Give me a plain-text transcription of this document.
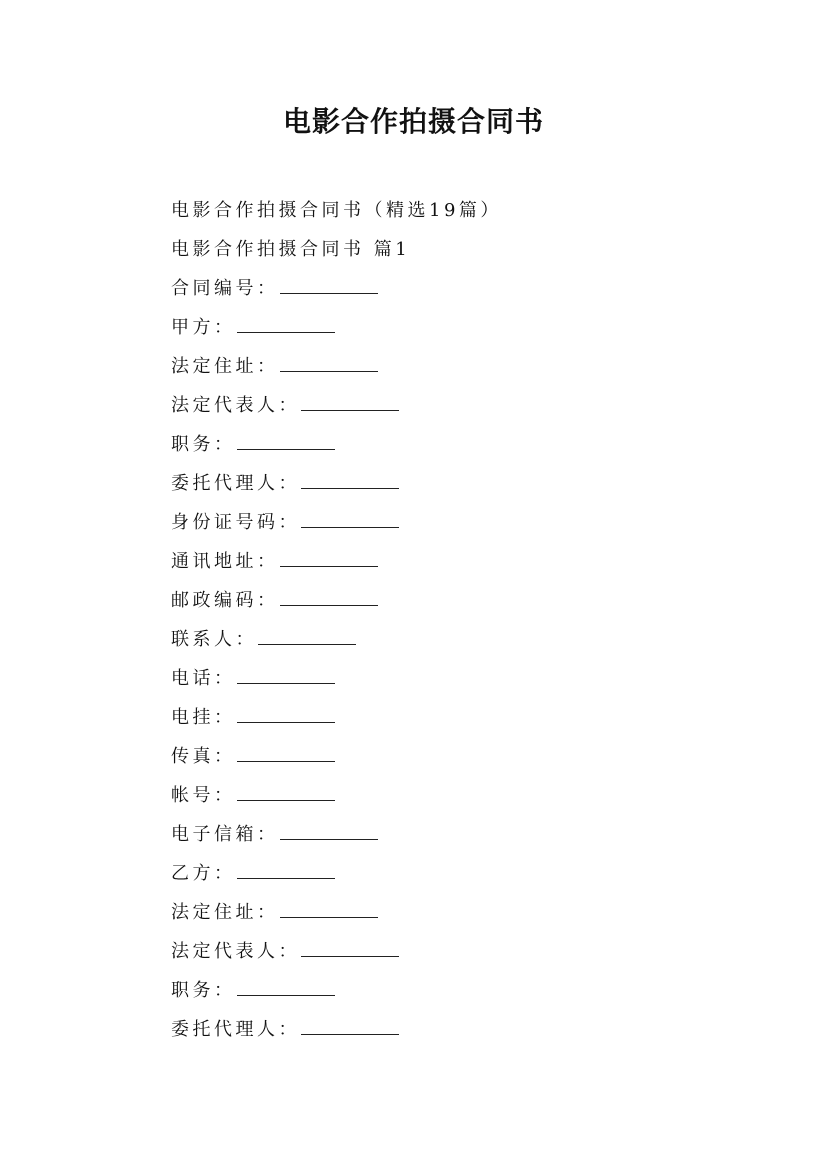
电影合作拍摄合同书
电影合作拍摄合同书（精选19篇）
电影合作拍摄合同书 篇1
合同编号：
甲方：
法定住址：
法定代表人：
职务：
委托代理人：
身份证号码：
通讯地址：
邮政编码：
联系人：
电话：
电挂：
传真：
帐号：
电子信箱：
乙方：
法定住址：
法定代表人：
职务：
委托代理人：
